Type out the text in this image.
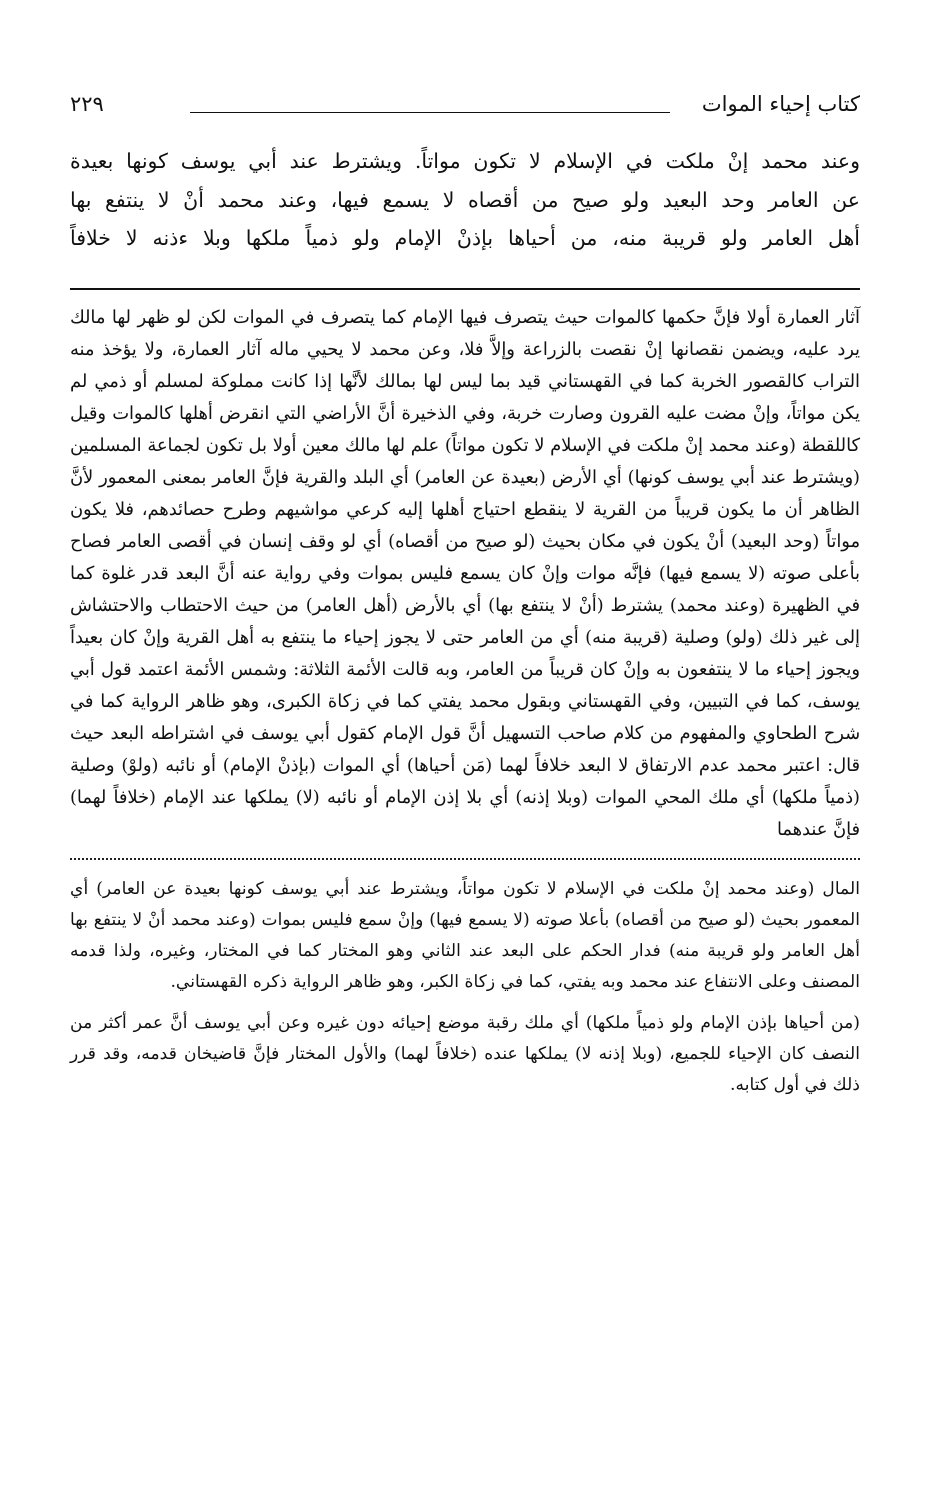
كتاب إحياء الموات
٢٢٩

وعند محمد إنْ ملكت في الإسلام لا تكون مواتاً. ويشترط عند أبي يوسف كونها بعيدة

عن العامر وحد البعيد ولو صيح من أقصاه لا يسمع فيها، وعند محمد أنْ لا ينتفع بها

أهل العامر ولو قريبة منه، من أحياها بإذنْ الإمام ولو ذمياً ملكها وبلا ءذنه لا خلافاً

آثار العمارة أولا فإنَّ حكمها كالموات حيث يتصرف فيها الإمام كما يتصرف في الموات لكن لو ظهر لها مالك يرد عليه، ويضمن نقصانها إنْ نقصت بالزراعة وإلاَّ فلا، وعن محمد لا يحيي ماله آثار العمارة، ولا يؤخذ منه التراب كالقصور الخربة كما في القهستاني قيد بما ليس لها بمالك لأنَّها إذا كانت مملوكة لمسلم أو ذمي لم يكن مواتاً، وإنْ مضت عليه القرون وصارت خربة، وفي الذخيرة أنَّ الأراضي التي انقرض أهلها كالموات وقيل كاللقطة (وعند محمد إنْ ملكت في الإسلام لا تكون مواتاً) علم لها مالك معين أولا بل تكون لجماعة المسلمين (ويشترط عند أبي يوسف كونها) أي الأرض (بعيدة عن العامر) أي البلد والقرية فإنَّ العامر بمعنى المعمور لأنَّ الظاهر أن ما يكون قريباً من القرية لا ينقطع احتياج أهلها إليه كرعي مواشيهم وطرح حصائدهم، فلا يكون مواتاً (وحد البعيد) أنْ يكون في مكان بحيث (لو صيح من أقصاه) أي لو وقف إنسان في أقصى العامر فصاح بأعلى صوته (لا يسمع فيها) فإنَّه موات وإنْ كان يسمع فليس بموات وفي رواية عنه أنَّ البعد قدر غلوة كما في الظهيرة (وعند محمد) يشترط (أنْ لا ينتفع بها) أي بالأرض (أهل العامر) من حيث الاحتطاب والاحتشاش إلى غير ذلك (ولو) وصلية (قريبة منه) أي من العامر حتى لا يجوز إحياء ما ينتفع به أهل القرية وإنْ كان بعيداً ويجوز إحياء ما لا ينتفعون به وإنْ كان قريباً من العامر، وبه قالت الأئمة الثلاثة: وشمس الأئمة اعتمد قول أبي يوسف، كما في التبيين، وفي القهستاني وبقول محمد يفتي كما في زكاة الكبرى، وهو ظاهر الرواية كما في شرح الطحاوي والمفهوم من كلام صاحب التسهيل أنَّ قول الإمام كقول أبي يوسف في اشتراطه البعد حيث قال: اعتبر محمد عدم الارتفاق لا البعد خلافاً لهما (مَن أحياها) أي الموات (بإذنْ الإمام) أو نائبه (ولوْ) وصلية (ذمياً ملكها) أي ملك المحي الموات (وبلا إذنه) أي بلا إذن الإمام أو نائبه (لا) يملكها عند الإمام (خلافاً لهما) فإنَّ عندهما

المال (وعند محمد إنْ ملكت في الإسلام لا تكون مواتاً، ويشترط عند أبي يوسف كونها بعيدة عن العامر) أي المعمور بحيث (لو صيح من أقصاه) بأعلا صوته (لا يسمع فيها) وإنْ سمع فليس بموات (وعند محمد أنْ لا ينتفع بها أهل العامر ولو قريبة منه) فدار الحكم على البعد عند الثاني وهو المختار كما في المختار، وغيره، ولذا قدمه المصنف وعلى الانتفاع عند محمد وبه يفتي، كما في زكاة الكبر، وهو ظاهر الرواية ذكره القهستاني.

(من أحياها بإذن الإمام ولو ذمياً ملكها) أي ملك رقبة موضع إحيائه دون غيره وعن أبي يوسف أنَّ عمر أكثر من النصف كان الإحياء للجميع، (وبلا إذنه لا) يملكها عنده (خلافاً لهما) والأول المختار فإنَّ قاضيخان قدمه، وقد قرر ذلك في أول كتابه.
